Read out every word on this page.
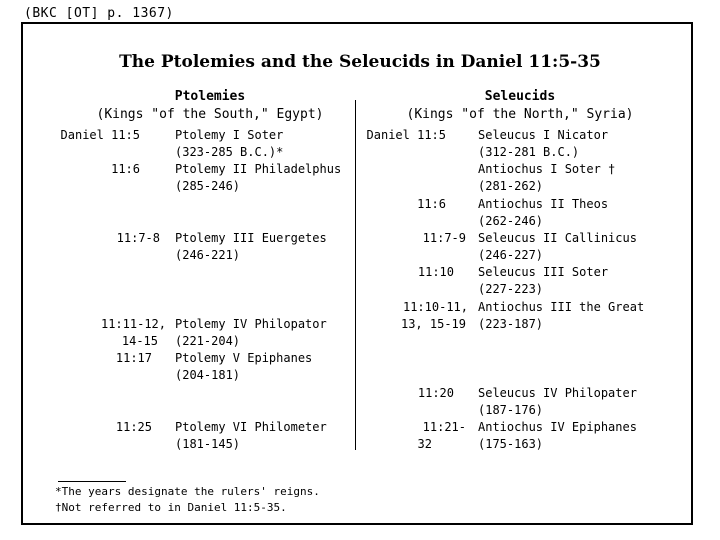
(BKC [OT] p. 1367)
The Ptolemies and the Seleucids in Daniel 11:5-35
Ptolemies
(Kings "of the South," Egypt)
Seleucids
(Kings "of the North," Syria)
Daniel 11:5
11:6
11:7-8
11:11-12,
14-15
11:17
11:25
Ptolemy I Soter
(323-285 B.C.)*
Ptolemy II Philadelphus
(285-246)
Ptolemy III Euergetes
(246-221)
Ptolemy IV Philopator
(221-204)
Ptolemy V Epiphanes
(204-181)
Ptolemy VI Philometer
(181-145)
Daniel 11:5
11:6
11:7-9
11:10
11:10-11,
13, 15-19
11:20
11:21-
32
Seleucus I Nicator
(312-281 B.C.)
Antiochus I Soter †
(281-262)
Antiochus II Theos
(262-246)
Seleucus II Callinicus
(246-227)
Seleucus III Soter
(227-223)
Antiochus III the Great
(223-187)
Seleucus IV Philopater
(187-176)
Antiochus IV Epiphanes
(175-163)
*The years designate the rulers' reigns.
†Not referred to in Daniel 11:5-35.
